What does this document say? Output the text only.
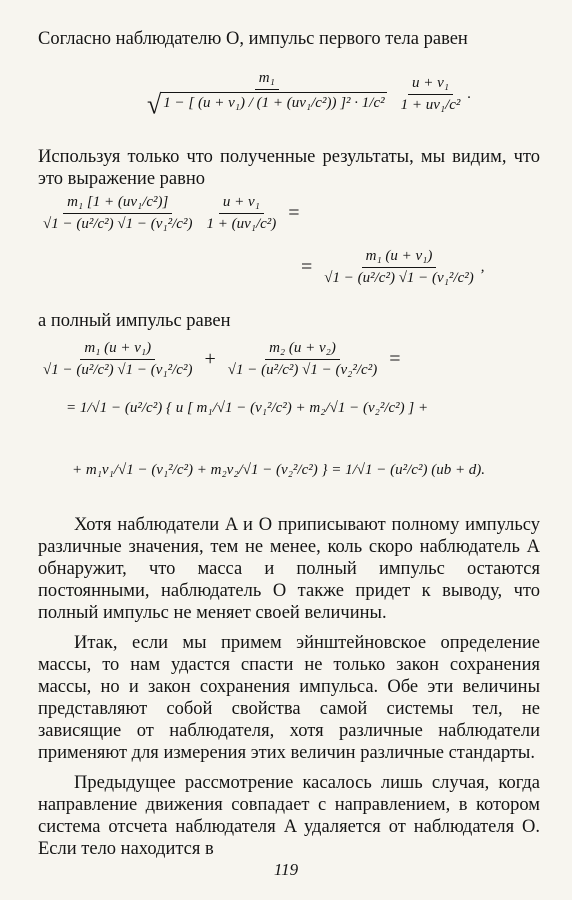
Согласно наблюдателю O, импульс первого тела равен

$\frac{\text{m₁}}{\text{√ 1 − [ (u + v₁) / (1 + (uv₁/c²)) ]² · 1/c²}} \frac{\text{u + v₁}}{\text{1 + uv₁/c²}}$ .

Используя только что полученные результаты, мы видим, что это выражение равно

$\frac{\text{m₁ [1 + (uv₁/c²)]}}{\text{√1 − (u²/c²) √1 − (v₁²/c²)}} \frac{\text{u + v₁}}{\text{1 + (uv₁/c²)}}$ =
= $\frac{\text{m₁ (u + v₁)}}{\text{√1 − (u²/c²) √1 − (v₁²/c²)}}$ ,

а полный импульс равен

$\frac{\text{m₁ (u + v₁)}}{\text{√1 − (u²/c²) √1 − (v₁²/c²)}} + \frac{\text{m₂ (u + v₂)}}{\text{√1 − (u²/c²) √1 − (v₂²/c²)}}$ =
= 1/√1 − (u²/c²) { u [ m₁/√1 − (v₁²/c²) + m₂/√1 − (v₂²/c²) ] +
+ m₁v₁/√1 − (v₁²/c²) + m₂v₂/√1 − (v₂²/c²) } = 1/√1 − (u²/c²) (ub + d).

Хотя наблюдатели A и O приписывают полному импульсу различные значения, тем не менее, коль скоро наблюдатель A обнаружит, что масса и полный импульс остаются постоянными, наблюдатель O также придет к выводу, что полный импульс не меняет своей величины.

Итак, если мы примем эйнштейновское определение массы, то нам удастся спасти не только закон сохранения массы, но и закон сохранения импульса. Обе эти величины представляют собой свойства самой системы тел, не зависящие от наблюдателя, хотя различные наблюдатели применяют для измерения этих величин различные стандарты.

Предыдущее рассмотрение касалось лишь случая, когда направление движения совпадает с направлением, в котором система отсчета наблюдателя A удаляется от наблюдателя O. Если тело находится в

119
